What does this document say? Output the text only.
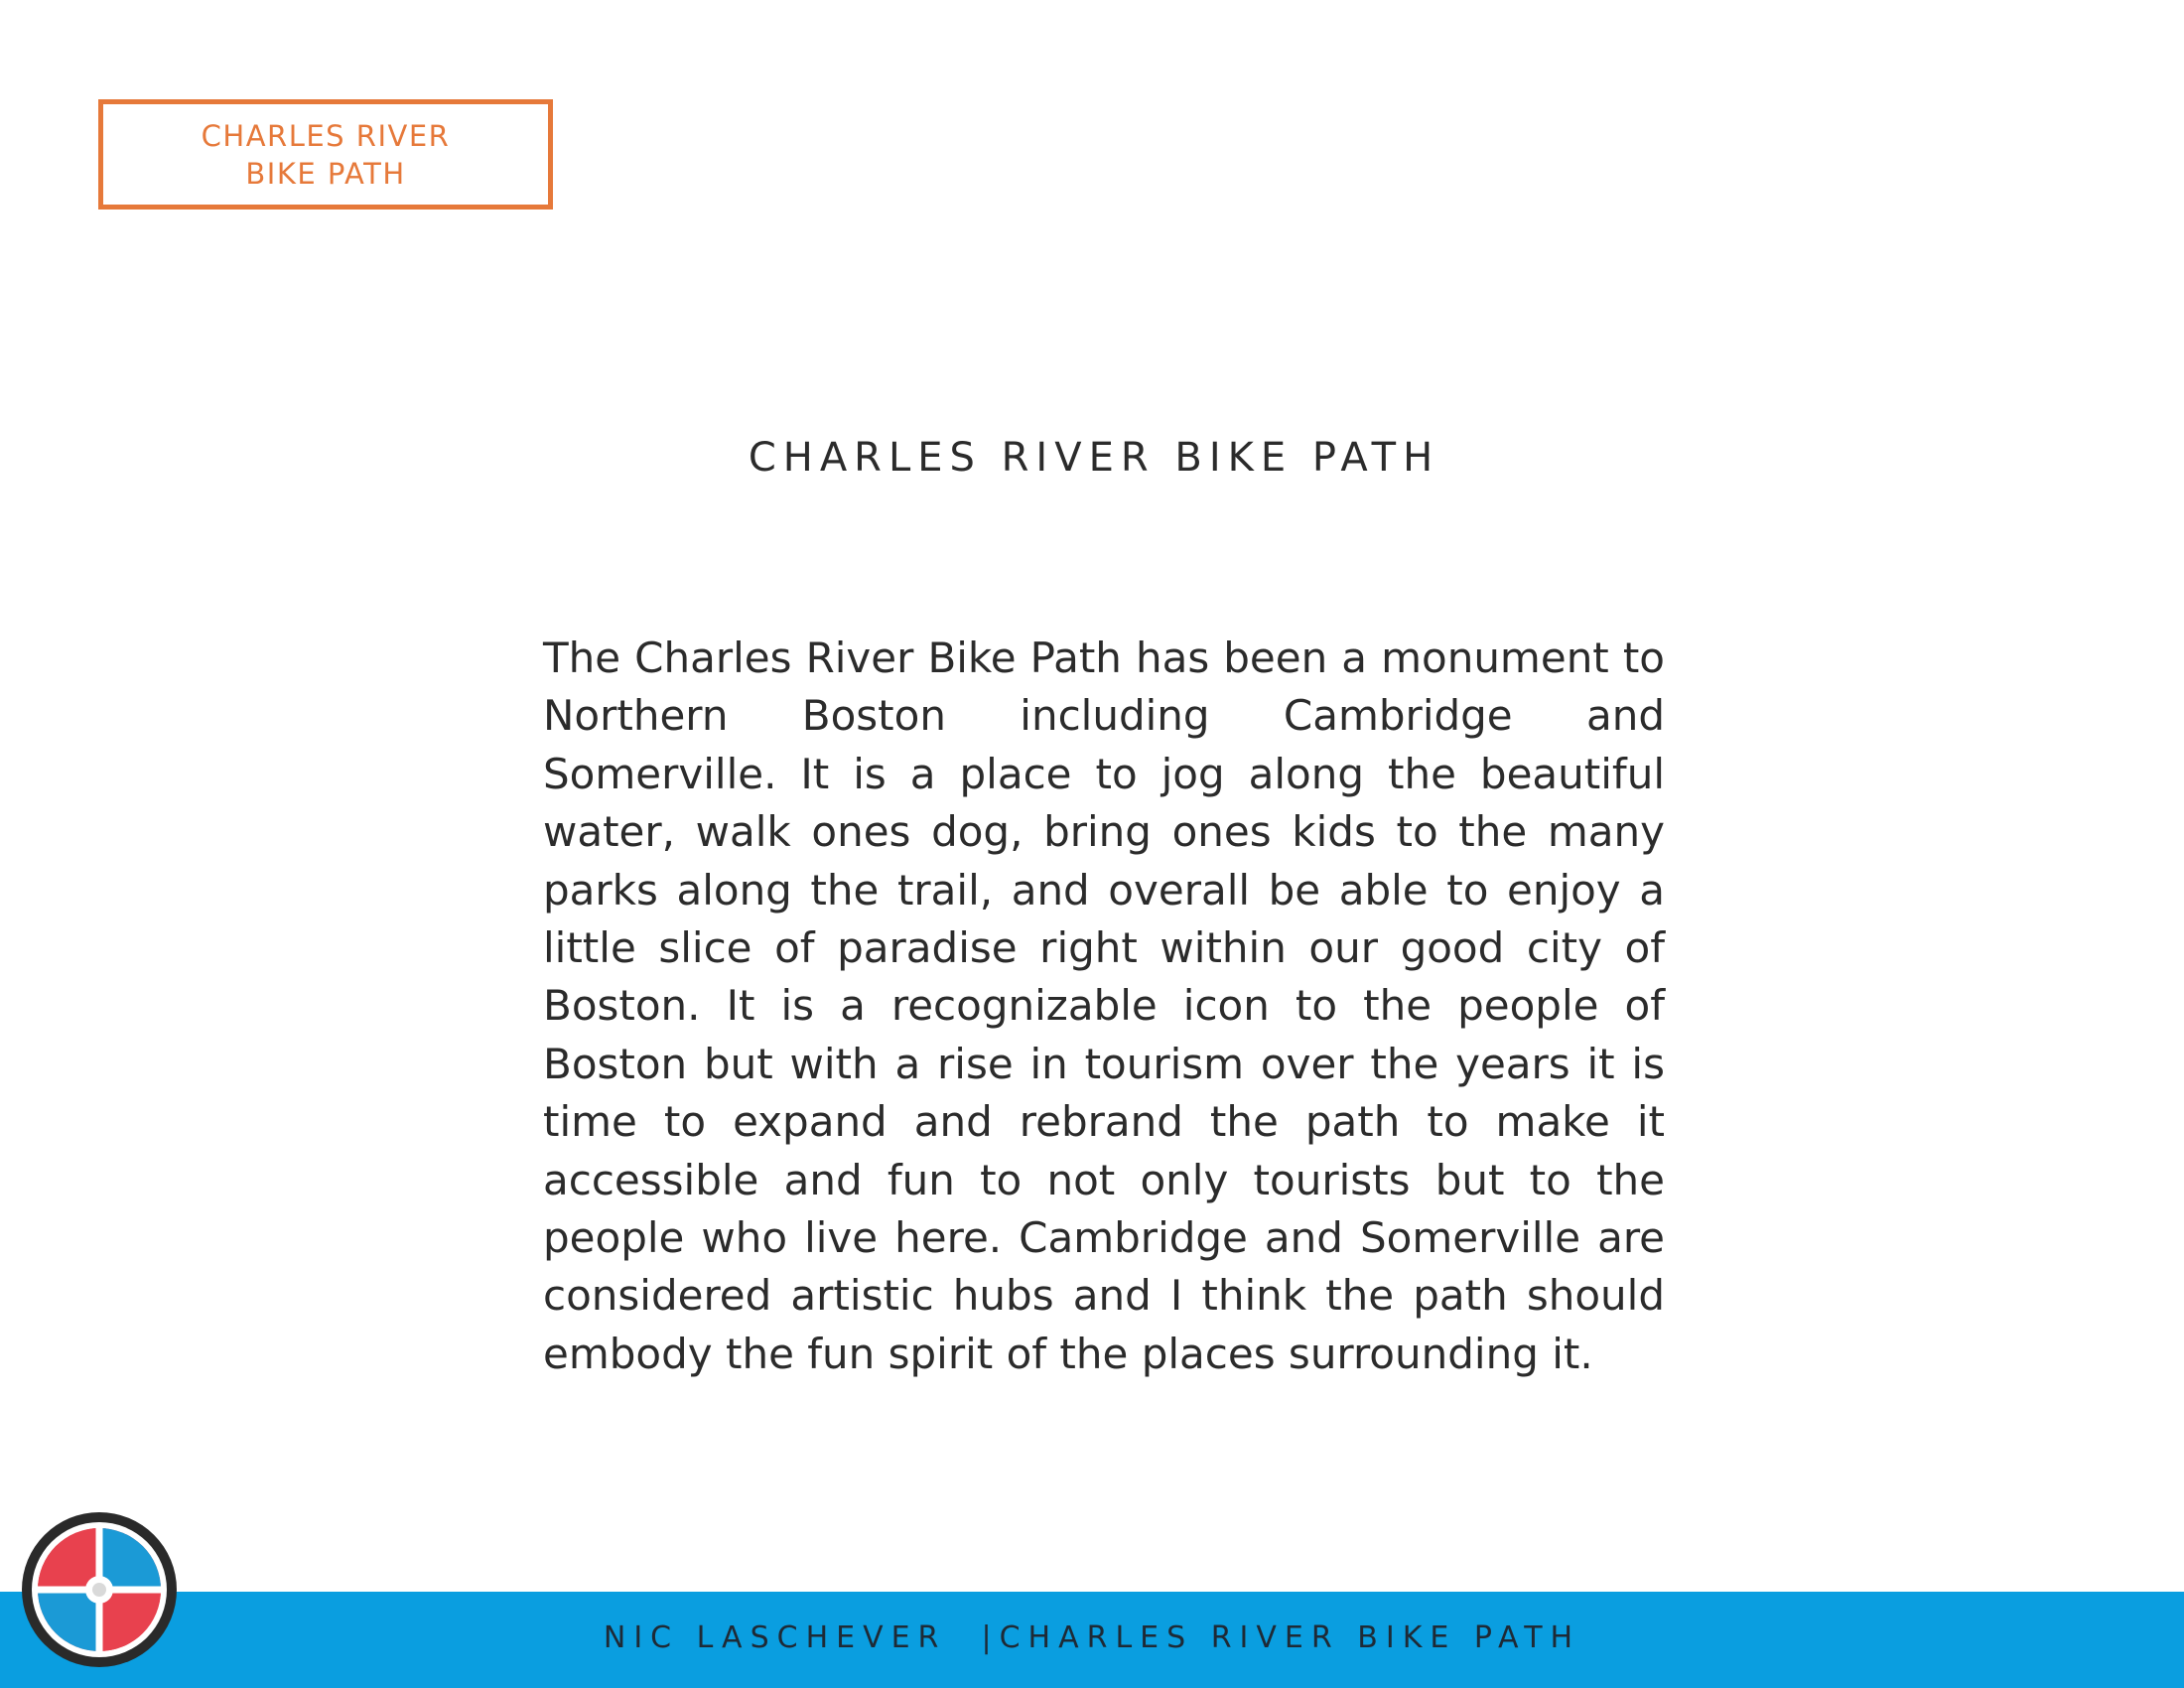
CHARLES RIVER
BIKE PATH
CHARLES RIVER BIKE PATH

The Charles River Bike Path has been a monument to Northern Boston including Cambridge and Somerville. It is a place to jog along the beautiful water, walk ones dog, bring ones kids to the many parks along the trail, and overall be able to enjoy a little slice of paradise right within our good city of Boston. It is a recognizable icon to the people of Boston but with a rise in tourism over the years it is time to expand and rebrand the path to make it accessible and fun to not only tourists but to the people who live here. Cambridge and Somerville are considered artistic hubs and I think the path should embody the fun spirit of the places surrounding it.

NIC LASCHEVER |CHARLES RIVER BIKE PATH
